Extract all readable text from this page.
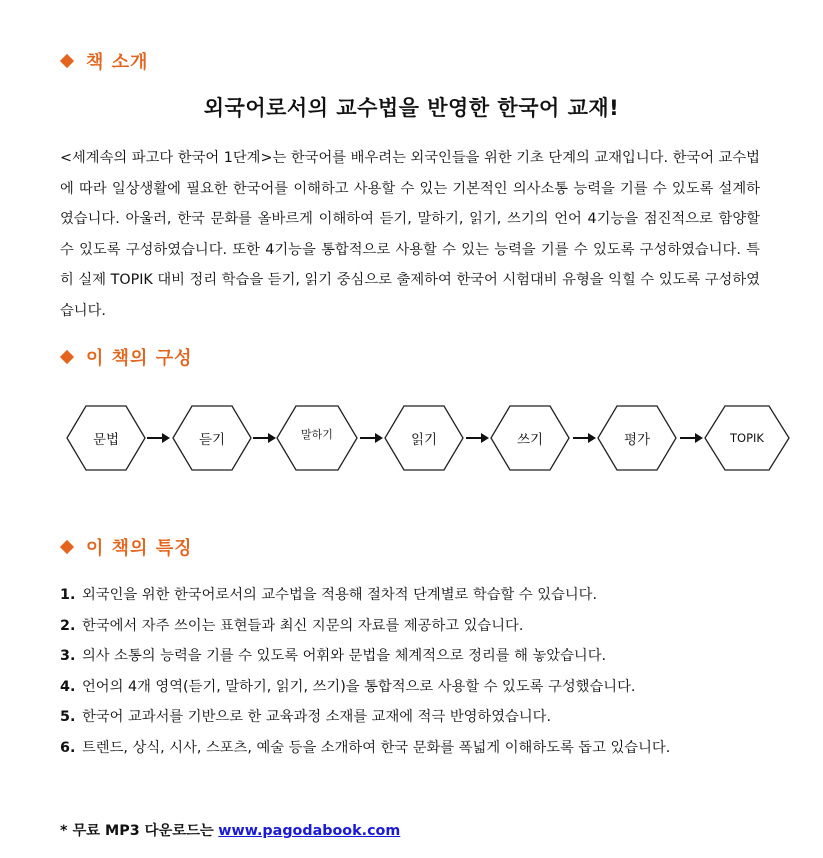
책 소개
외국어로서의 교수법을 반영한 한국어 교재!

<세계속의 파고다 한국어 1단계>는 한국어를 배우려는 외국인들을 위한 기초 단계의 교재입니다. 한국어 교수법에 따라 일상생활에 필요한 한국어를 이해하고 사용할 수 있는 기본적인 의사소통 능력을 기를 수 있도록 설계하였습니다. 아울러, 한국 문화를 올바르게 이해하여 듣기, 말하기, 읽기, 쓰기의 언어 4기능을 점진적으로 함양할 수 있도록 구성하였습니다. 또한 4기능을 통합적으로 사용할 수 있는 능력을 기를 수 있도록 구성하였습니다. 특히 실제 TOPIK 대비 정리 학습을 듣기, 읽기 중심으로 출제하여 한국어 시험대비 유형을 익힐 수 있도록 구성하였습니다.

이 책의 구성
문법	듣기	말하기	읽기	쓰기	평가	TOPIK
이 책의 특징
1. 외국인을 위한 한국어로서의 교수법을 적용해 절차적 단계별로 학습할 수 있습니다.
2. 한국에서 자주 쓰이는 표현들과 최신 지문의 자료를 제공하고 있습니다.
3. 의사 소통의 능력을 기를 수 있도록 어휘와 문법을 체계적으로 정리를 해 놓았습니다.
4. 언어의 4개 영역(듣기, 말하기, 읽기, 쓰기)을 통합적으로 사용할 수 있도록 구성했습니다.
5. 한국어 교과서를 기반으로 한 교육과정 소재를 교재에 적극 반영하였습니다.
6. 트렌드, 상식, 시사, 스포츠, 예술 등을 소개하여 한국 문화를 폭넓게 이해하도록 돕고 있습니다.
* 무료 MP3 다운로드는 www.pagodabook.com
